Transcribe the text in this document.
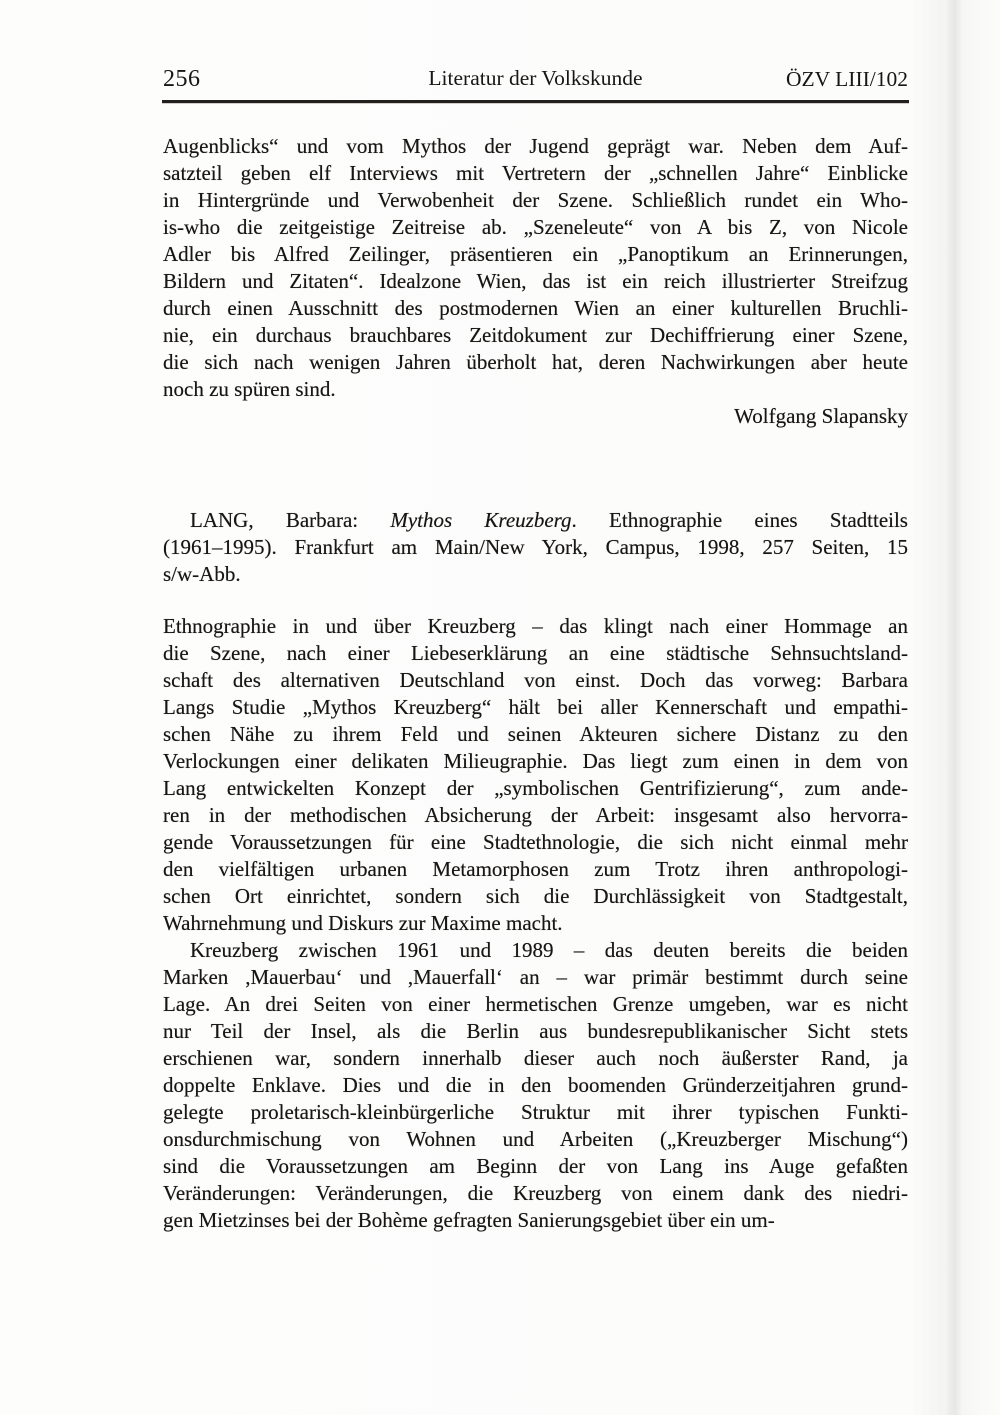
Literatur der Volkskunde
256	ÖZV LIII/102
Augenblicks“ und vom Mythos der Jugend geprägt war. Neben dem Auf-
satzteil geben elf Interviews mit Vertretern der „schnellen Jahre“ Einblicke
in Hintergründe und Verwobenheit der Szene. Schließlich rundet ein Who-
is-who die zeitgeistige Zeitreise ab. „Szeneleute“ von A bis Z, von Nicole
Adler bis Alfred Zeilinger, präsentieren ein „Panoptikum an Erinnerungen,
Bildern und Zitaten“. Idealzone Wien, das ist ein reich illustrierter Streifzug
durch einen Ausschnitt des postmodernen Wien an einer kulturellen Bruchli-
nie, ein durchaus brauchbares Zeitdokument zur Dechiffrierung einer Szene,
die sich nach wenigen Jahren überholt hat, deren Nachwirkungen aber heute
noch zu spüren sind.
Wolfgang Slapansky
LANG, Barbara: Mythos Kreuzberg. Ethnographie eines Stadtteils
(1961–1995). Frankfurt am Main/New York, Campus, 1998, 257 Seiten, 15
s/w-Abb.
Ethnographie in und über Kreuzberg – das klingt nach einer Hommage an
die Szene, nach einer Liebeserklärung an eine städtische Sehnsuchtsland-
schaft des alternativen Deutschland von einst. Doch das vorweg: Barbara
Langs Studie „Mythos Kreuzberg“ hält bei aller Kennerschaft und empathi-
schen Nähe zu ihrem Feld und seinen Akteuren sichere Distanz zu den
Verlockungen einer delikaten Milieugraphie. Das liegt zum einen in dem von
Lang entwickelten Konzept der „symbolischen Gentrifizierung“, zum ande-
ren in der methodischen Absicherung der Arbeit: insgesamt also hervorra-
gende Voraussetzungen für eine Stadtethnologie, die sich nicht einmal mehr
den vielfältigen urbanen Metamorphosen zum Trotz ihren anthropologi-
schen Ort einrichtet, sondern sich die Durchlässigkeit von Stadtgestalt,
Wahrnehmung und Diskurs zur Maxime macht.
Kreuzberg zwischen 1961 und 1989 – das deuten bereits die beiden
Marken ,Mauerbau‘ und ,Mauerfall‘ an – war primär bestimmt durch seine
Lage. An drei Seiten von einer hermetischen Grenze umgeben, war es nicht
nur Teil der Insel, als die Berlin aus bundesrepublikanischer Sicht stets
erschienen war, sondern innerhalb dieser auch noch äußerster Rand, ja
doppelte Enklave. Dies und die in den boomenden Gründerzeitjahren grund-
gelegte proletarisch-kleinbürgerliche Struktur mit ihrer typischen Funkti-
onsdurchmischung von Wohnen und Arbeiten („Kreuzberger Mischung“)
sind die Voraussetzungen am Beginn der von Lang ins Auge gefaßten
Veränderungen: Veränderungen, die Kreuzberg von einem dank des niedri-
gen Mietzinses bei der Bohème gefragten Sanierungsgebiet über ein um-
